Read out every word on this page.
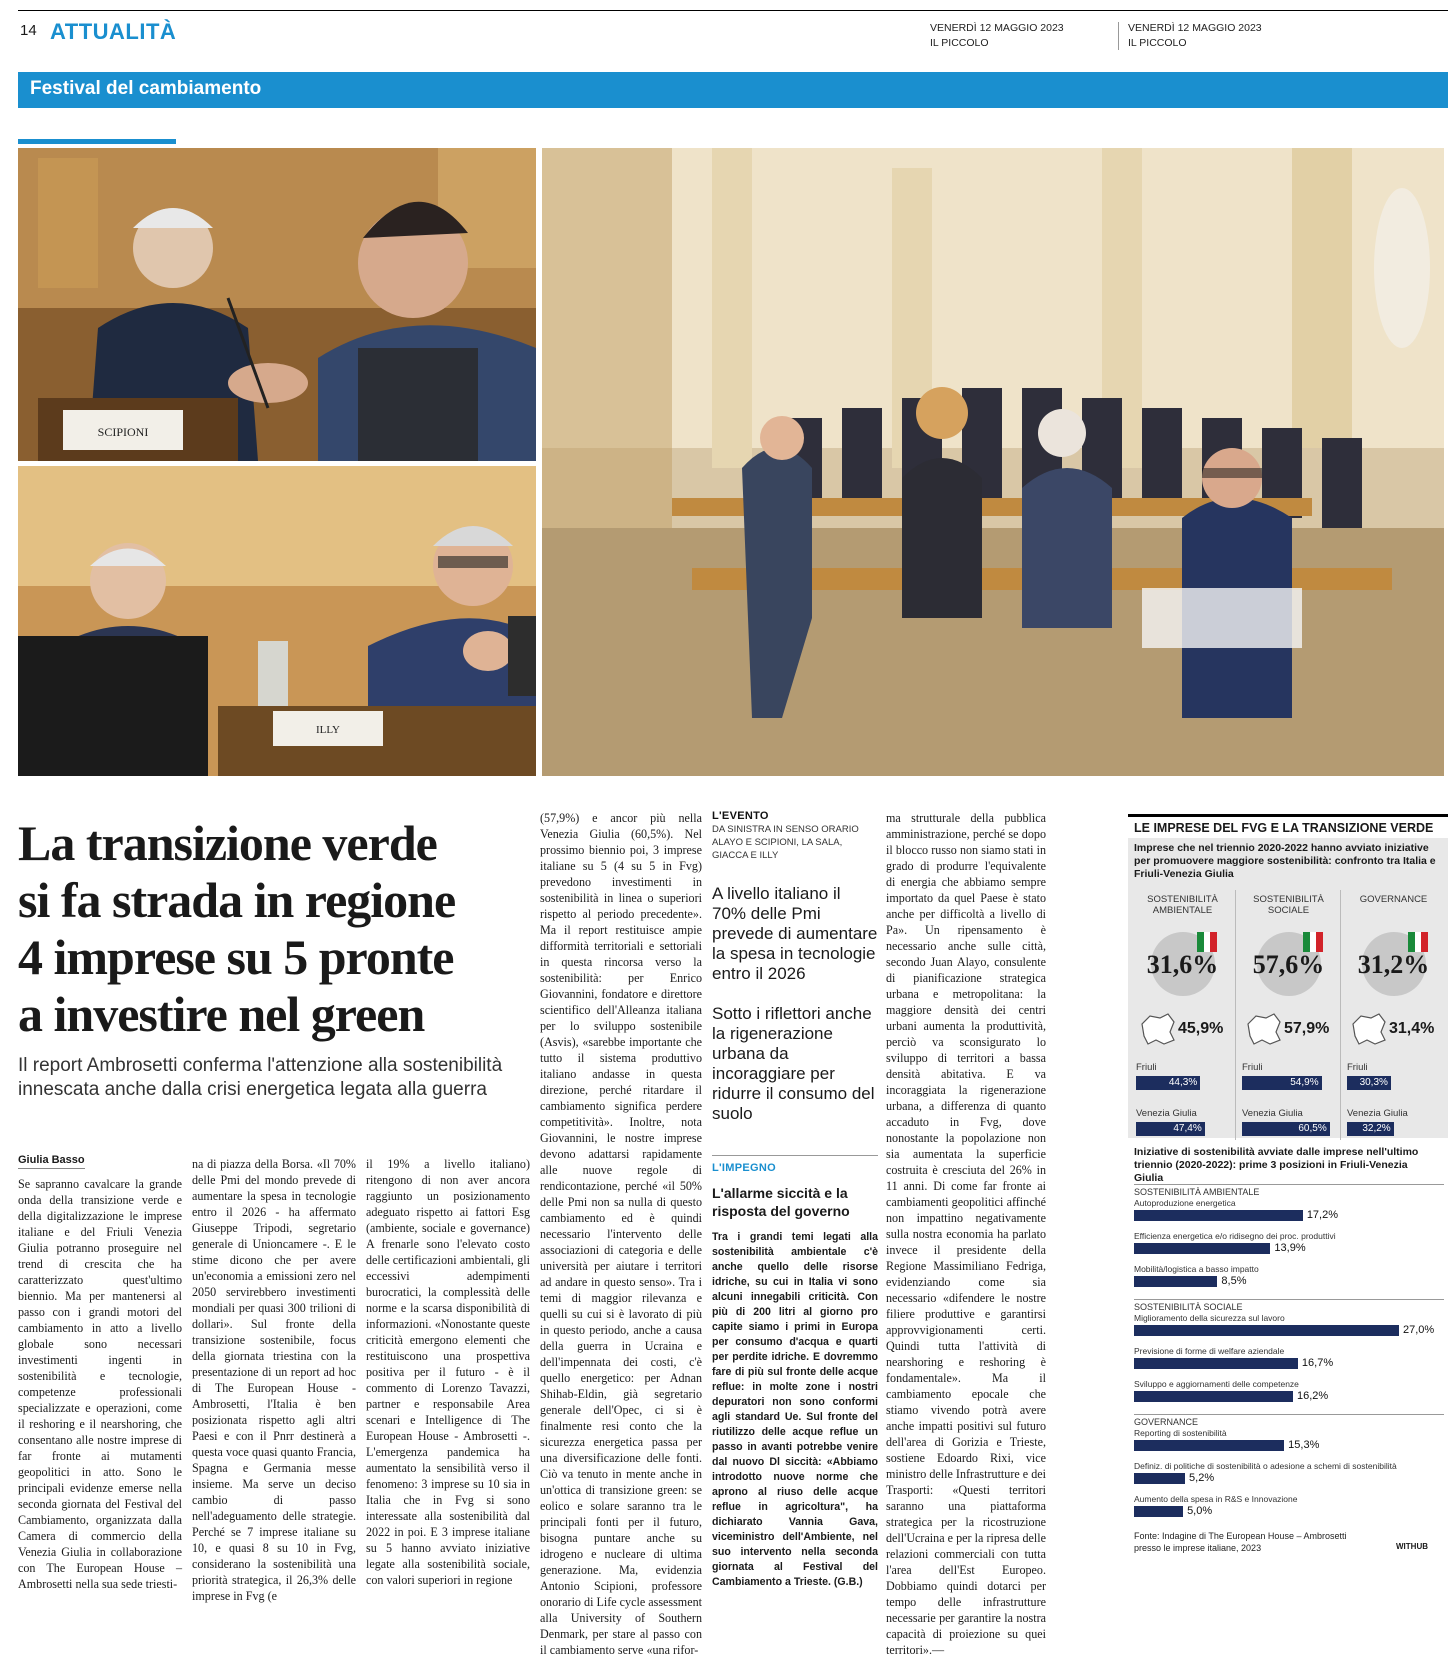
14 ATTUALITÀ	VENERDÌ 12 MAGGIO 2023
IL PICCOLO
VENERDÌ 12 MAGGIO 2023
IL PICCOLO
Festival del cambiamento
SCIPIONI
ILLY
La transizione verde
si fa strada in regione
4 imprese su 5 pronte
a investire nel green
Il report Ambrosetti conferma l'attenzione alla sostenibilità innescata anche dalla crisi energetica legata alla guerra
Giulia Basso
Se sapranno cavalcare la grande onda della transizione verde e della digitalizzazione le imprese italiane e del Friuli Venezia Giulia potranno proseguire nel trend di crescita che ha caratterizzato quest'ultimo biennio. Ma per mantenersi al passo con i grandi motori del cambiamento in atto a livello globale sono necessari investimenti ingenti in sostenibilità e tecnologie, competenze professionali specializzate e operazioni, come il reshoring e il nearshoring, che consentano alle nostre imprese di far fronte ai mutamenti geopolitici in atto. Sono le principali evidenze emerse nella seconda giornata del Festival del Cambiamento, organizzata dalla Camera di commercio della Venezia Giulia in collaborazione con The European House – Ambrosetti nella sua sede triesti-
na di piazza della Borsa. «Il 70% delle Pmi del mondo prevede di aumentare la spesa in tecnologie entro il 2026 - ha affermato Giuseppe Tripodi, segretario generale di Unioncamere -. E le stime dicono che per avere un'economia a emissioni zero nel 2050 servirebbero investimenti mondiali per quasi 300 trilioni di dollari». Sul fronte della transizione sostenibile, focus della giornata triestina con la presentazione di un report ad hoc di The European House - Ambrosetti, l'Italia è ben posizionata rispetto agli altri Paesi e con il Pnrr destinerà a questa voce quasi quanto Francia, Spagna e Germania messe insieme. Ma serve un deciso cambio di passo nell'adeguamento delle strategie. Perché se 7 imprese italiane su 10, e quasi 8 su 10 in Fvg, considerano la sostenibilità una priorità strategica, il 26,3% delle imprese in Fvg (e
il 19% a livello italiano) ritengono di non aver ancora raggiunto un posizionamento adeguato rispetto ai fattori Esg (ambiente, sociale e governance) A frenarle sono l'elevato costo delle certificazioni ambientali, gli eccessivi adempimenti burocratici, la complessità delle norme e la scarsa disponibilità di informazioni. «Nonostante queste criticità emergono elementi che restituiscono una prospettiva positiva per il futuro - è il commento di Lorenzo Tavazzi, partner e responsabile Area scenari e Intelligence di The European House - Ambrosetti -. L'emergenza pandemica ha aumentato la sensibilità verso il fenomeno: 3 imprese su 10 sia in Italia che in Fvg si sono interessate alla sostenibilità dal 2022 in poi. E 3 imprese italiane su 5 hanno avviato iniziative legate alla sostenibilità sociale, con valori superiori in regione
(57,9%) e ancor più nella Venezia Giulia (60,5%). Nel prossimo biennio poi, 3 imprese italiane su 5 (4 su 5 in Fvg) prevedono investimenti in sostenibilità in linea o superiori rispetto al periodo precedente». Ma il report restituisce ampie difformità territoriali e settoriali in questa rincorsa verso la sostenibilità: per Enrico Giovannini, fondatore e direttore scientifico dell'Alleanza italiana per lo sviluppo sostenibile (Asvis), «sarebbe importante che tutto il sistema produttivo italiano andasse in questa direzione, perché ritardare il cambiamento significa perdere competitività». Inoltre, nota Giovannini, le nostre imprese devono adattarsi rapidamente alle nuove regole di rendicontazione, perché «il 50% delle Pmi non sa nulla di questo cambiamento ed è quindi necessario l'intervento delle associazioni di categoria e delle università per aiutare i territori ad andare in questo senso». Tra i temi di maggior rilevanza e quelli su cui si è lavorato di più in questo periodo, anche a causa della guerra in Ucraina e dell'impennata dei costi, c'è quello energetico: per Adnan Shihab-Eldin, già segretario generale dell'Opec, ci si è finalmente resi conto che la sicurezza energetica passa per una diversificazione delle fonti. Ciò va tenuto in mente anche in un'ottica di transizione green: se eolico e solare saranno tra le principali fonti per il futuro, bisogna puntare anche su idrogeno e nucleare di ultima generazione. Ma, evidenzia Antonio Scipioni, professore onorario di Life cycle assessment alla University of Southern Denmark, per stare al passo con il cambiamento serve «una rifor-
L'EVENTO
DA SINISTRA IN SENSO ORARIO ALAYO E SCIPIONI, LA SALA, GIACCA E ILLY
A livello italiano il 70% delle Pmi prevede di aumentare la spesa in tecnologie entro il 2026
Sotto i riflettori anche la rigenerazione urbana da incoraggiare per ridurre il consumo del suolo
L'IMPEGNO
L'allarme siccità e la risposta del governo
Tra i grandi temi legati alla sostenibilità ambientale c'è anche quello delle risorse idriche, su cui in Italia vi sono alcuni innegabili criticità. Con più di 200 litri al giorno pro capite siamo i primi in Europa per consumo d'acqua e quarti per perdite idriche. E dovremmo fare di più sul fronte delle acque reflue: in molte zone i nostri depuratori non sono conformi agli standard Ue. Sul fronte del riutilizzo delle acque reflue un passo in avanti potrebbe venire dal nuovo Dl siccità: «Abbiamo introdotto nuove norme che aprono al riuso delle acque reflue in agricoltura", ha dichiarato Vannia Gava, viceministro dell'Ambiente, nel suo intervento nella seconda giornata al Festival del Cambiamento a Trieste. (G.B.)
ma strutturale della pubblica amministrazione, perché se dopo il blocco russo non siamo stati in grado di produrre l'equivalente di energia che abbiamo sempre importato da quel Paese è stato anche per difficoltà a livello di Pa». Un ripensamento è necessario anche sulle città, secondo Juan Alayo, consulente di pianificazione strategica urbana e metropolitana: la maggiore densità dei centri urbani aumenta la produttività, perciò va sconsigurato lo sviluppo di territori a bassa densità abitativa. E va incoraggiata la rigenerazione urbana, a differenza di quanto accaduto in Fvg, dove nonostante la popolazione non sia aumentata la superficie costruita è cresciuta del 26% in 11 anni. Di come far fronte ai cambiamenti geopolitici affinché non impattino negativamente sulla nostra economia ha parlato invece il presidente della Regione Massimiliano Fedriga, evidenziando come sia necessario «difendere le nostre filiere produttive e garantirsi approvvigionamenti certi. Quindi tutta l'attività di nearshoring e reshoring è fondamentale». Ma il cambiamento epocale che stiamo vivendo potrà avere anche impatti positivi sul futuro dell'area di Gorizia e Trieste, sostiene Edoardo Rixi, vice ministro delle Infrastrutture e dei Trasporti: «Questi territori saranno una piattaforma strategica per la ricostruzione dell'Ucraina e per la ripresa delle relazioni commerciali con tutta l'area dell'Est Europeo. Dobbiamo quindi dotarci per tempo delle infrastrutture necessarie per garantire la nostra capacità di proiezione su quei territori».—
LE IMPRESE DEL FVG E LA TRANSIZIONE VERDE
Imprese che nel triennio 2020-2022 hanno avviato iniziative per promuovere maggiore sostenibilità: confronto tra Italia e Friuli-Venezia Giulia
SOSTENIBILITÀ AMBIENTALE
31,6%
45,9%
Friuli
44,3%
Venezia Giulia
47,4%
SOSTENIBILITÀ SOCIALE
57,6%
57,9%
Friuli
54,9%
Venezia Giulia
60,5%
GOVERNANCE
31,2%
31,4%
Friuli
30,3%
Venezia Giulia
32,2%
Iniziative di sostenibilità avviate dalle imprese nell'ultimo triennio (2020-2022): prime 3 posizioni in Friuli-Venezia Giulia
SOSTENIBILITÀ AMBIENTALE
Autoproduzione energetica
17,2%
Efficienza energetica e/o ridisegno dei proc. produttivi
13,9%
Mobilità/logistica a basso impatto
8,5%
SOSTENIBILITÀ SOCIALE
Miglioramento della sicurezza sul lavoro
27,0%
Previsione di forme di welfare aziendale
16,7%
Sviluppo e aggiornamenti delle competenze
16,2%
GOVERNANCE
Reporting di sostenibilità
15,3%
Definiz. di politiche di sostenibilità o adesione a schemi di sostenibilità
5,2%
Aumento della spesa in R&S e Innovazione
5,0%
Fonte: Indagine di The European House – Ambrosetti presso le imprese italiane, 2023	WITHUB
